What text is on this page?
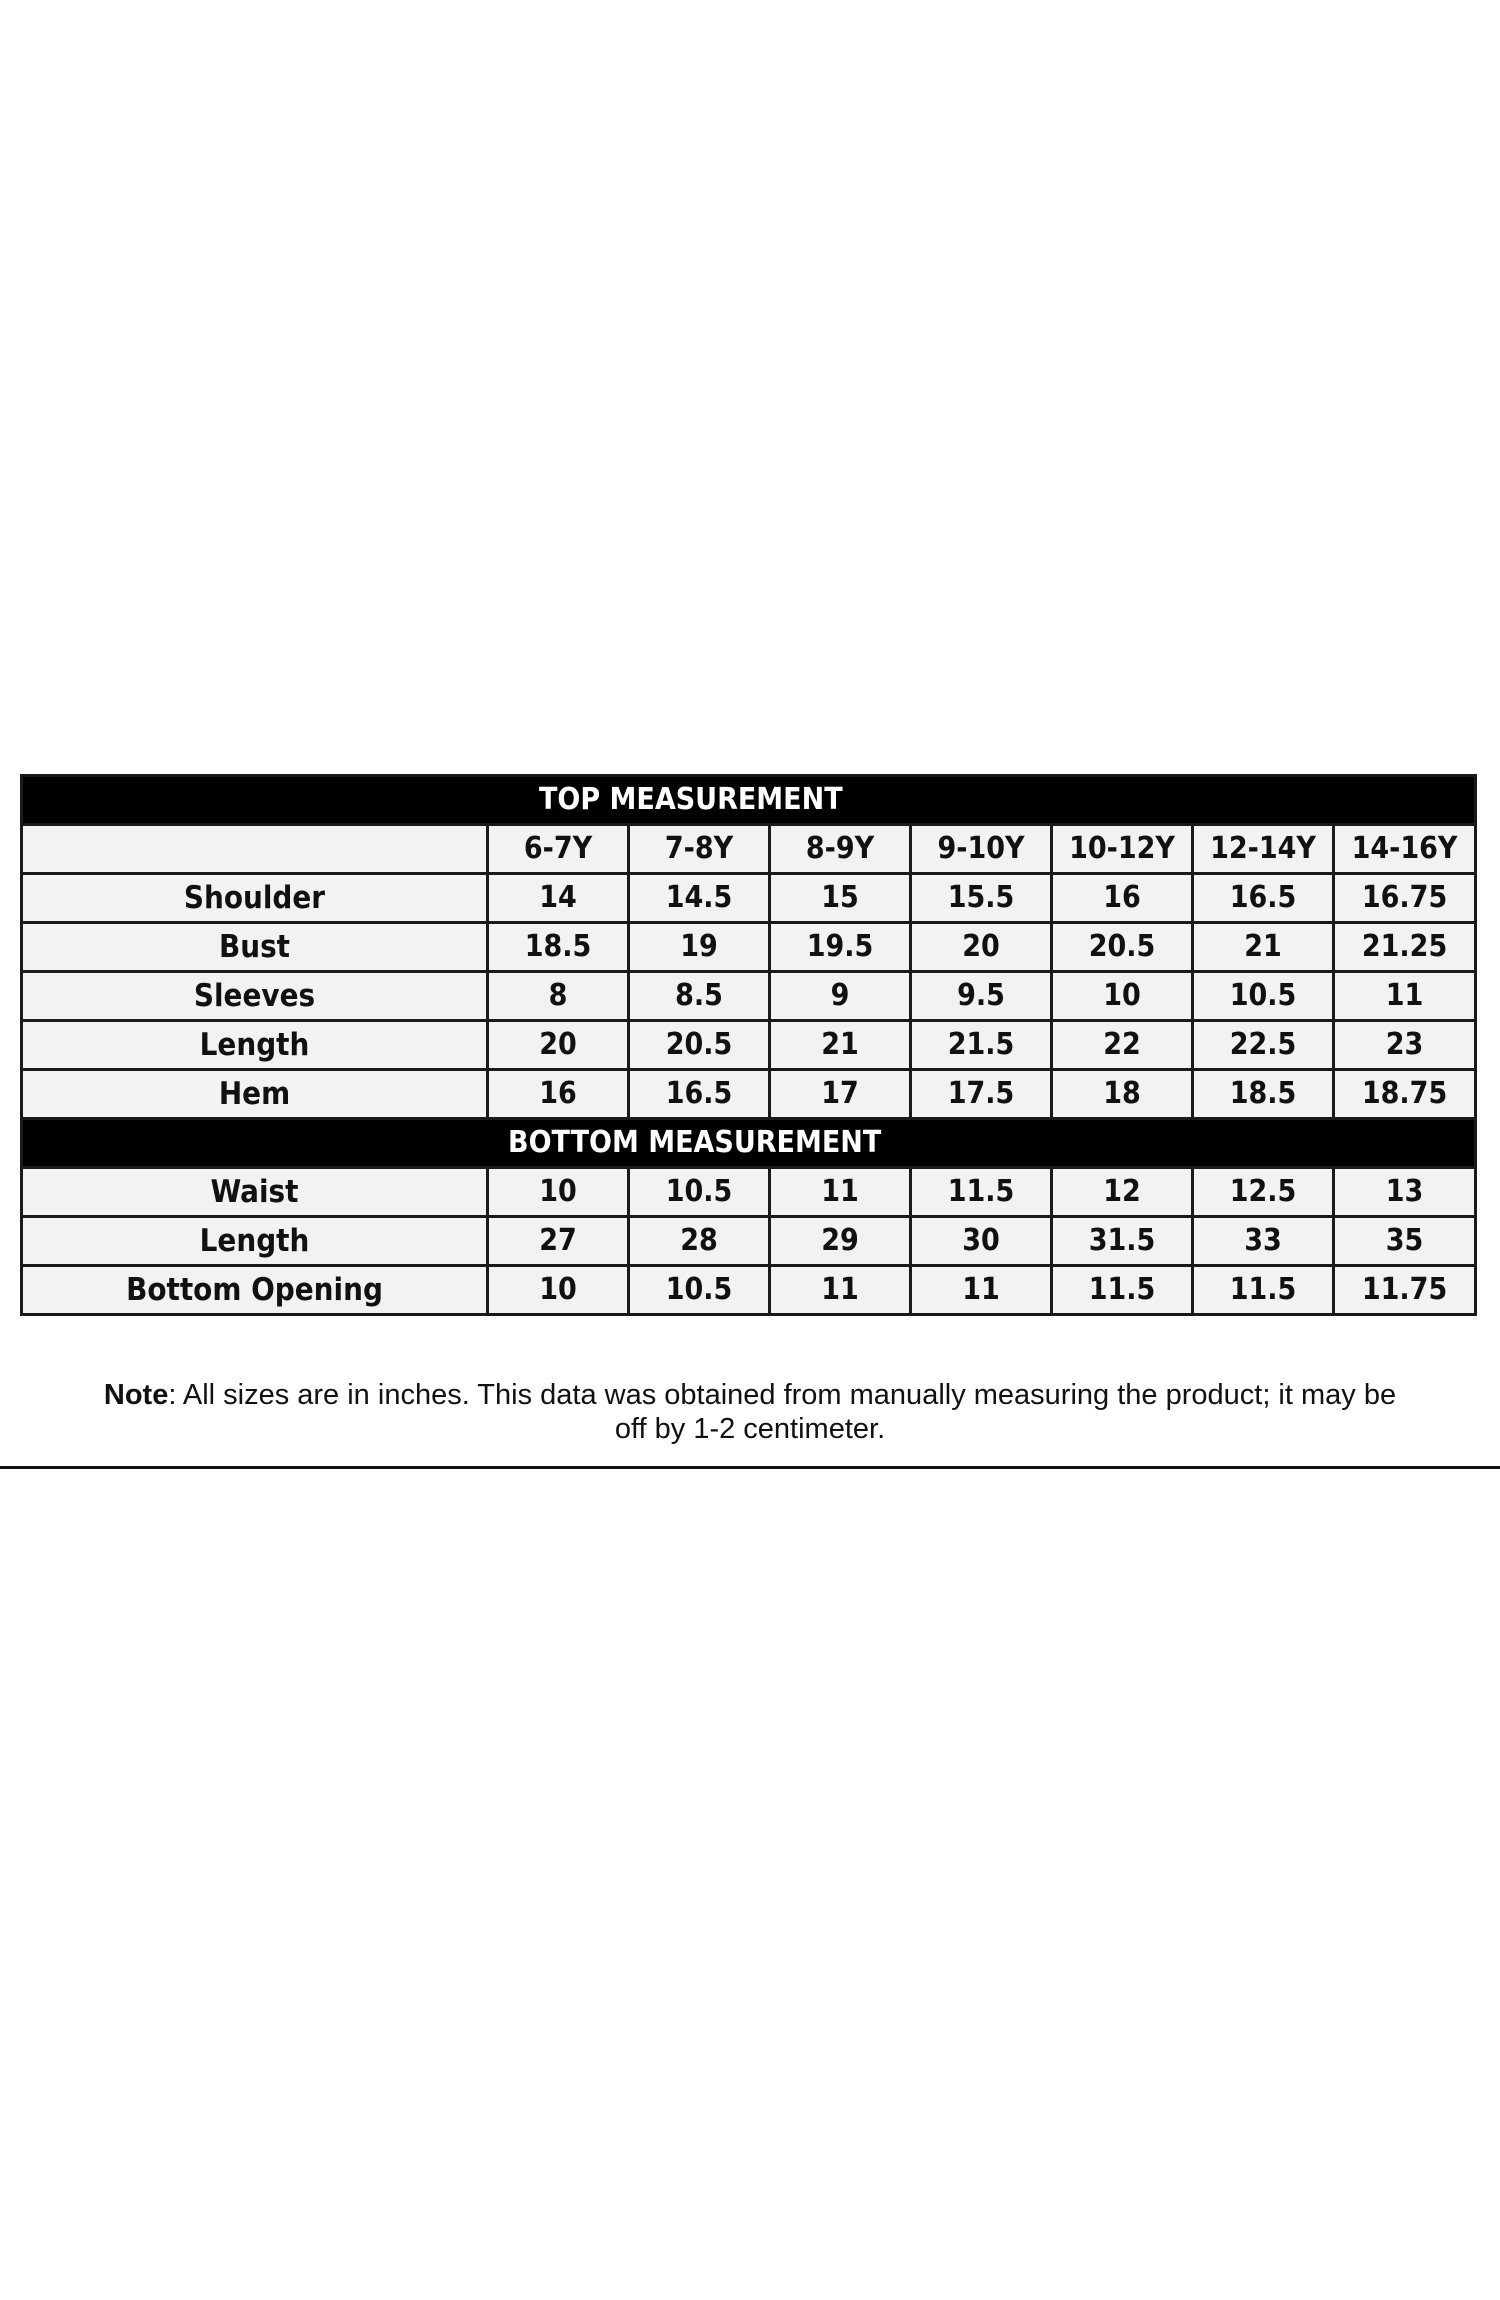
TOP MEASUREMENT							
	6-7Y	7-8Y	8-9Y	9-10Y	10-12Y	12-14Y	14-16Y
Shoulder	14	14.5	15	15.5	16	16.5	16.75
Bust	18.5	19	19.5	20	20.5	21	21.25
Sleeves	8	8.5	9	9.5	10	10.5	11
Length	20	20.5	21	21.5	22	22.5	23
Hem	16	16.5	17	17.5	18	18.5	18.75
BOTTOM MEASUREMENT							
Waist	10	10.5	11	11.5	12	12.5	13
Length	27	28	29	30	31.5	33	35
Bottom Opening	10	10.5	11	11	11.5	11.5	11.75
Note: All sizes are in inches. This data was obtained from manually measuring the product; it may be off by 1-2 centimeter.
